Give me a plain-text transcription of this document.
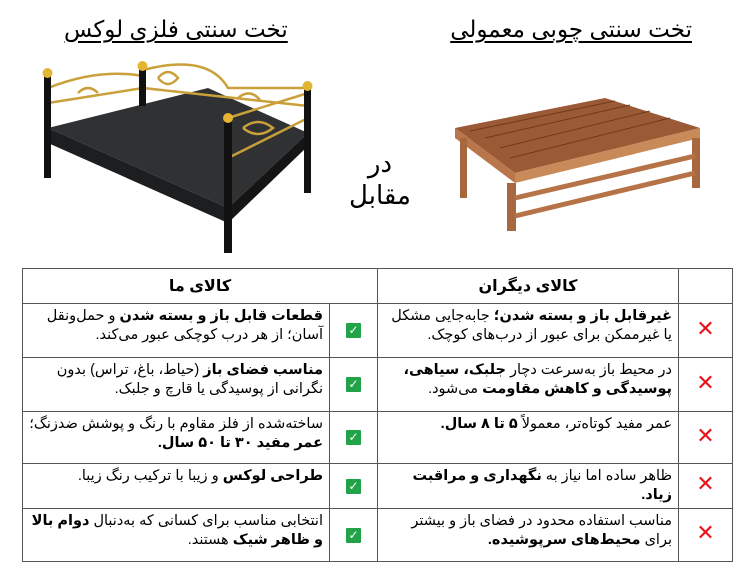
تخت سنتی چوبی معمولی
تخت سنتی فلزی لوکس
در
مقابل
	کالای دیگران	کالای ما	
✕	غیرقابل باز و بسته شدن؛ جابه‌جایی مشکل یا غیرممکن برای عبور از درب‌های کوچک.	✓	قطعات قابل باز و بسته شدن و حمل‌ونقل آسان؛ از هر درب کوچکی عبور می‌کند.
✕	در محیط باز به‌سرعت دچار جلبک، سیاهی، پوسیدگی و کاهش مقاومت می‌شود.	✓	مناسب فضای باز (حیاط، باغ، تراس) بدون نگرانی از پوسیدگی یا قارچ و جلبک.
✕	عمر مفید کوتاه‌تر، معمولاً ۵ تا ۸ سال.	✓	ساخته‌شده از فلز مقاوم با رنگ و پوشش ضدزنگ؛ عمر مفید ۳۰ تا ۵۰ سال.
✕	ظاهر ساده اما نیاز به نگهداری و مراقبت زیاد.	✓	طراحی لوکس و زیبا با ترکیب رنگ زیبا.
✕	مناسب استفاده محدود در فضای باز و بیشتر برای محیط‌های سرپوشیده.	✓	انتخابی مناسب برای کسانی که به‌دنبال دوام بالا و ظاهر شیک هستند.
